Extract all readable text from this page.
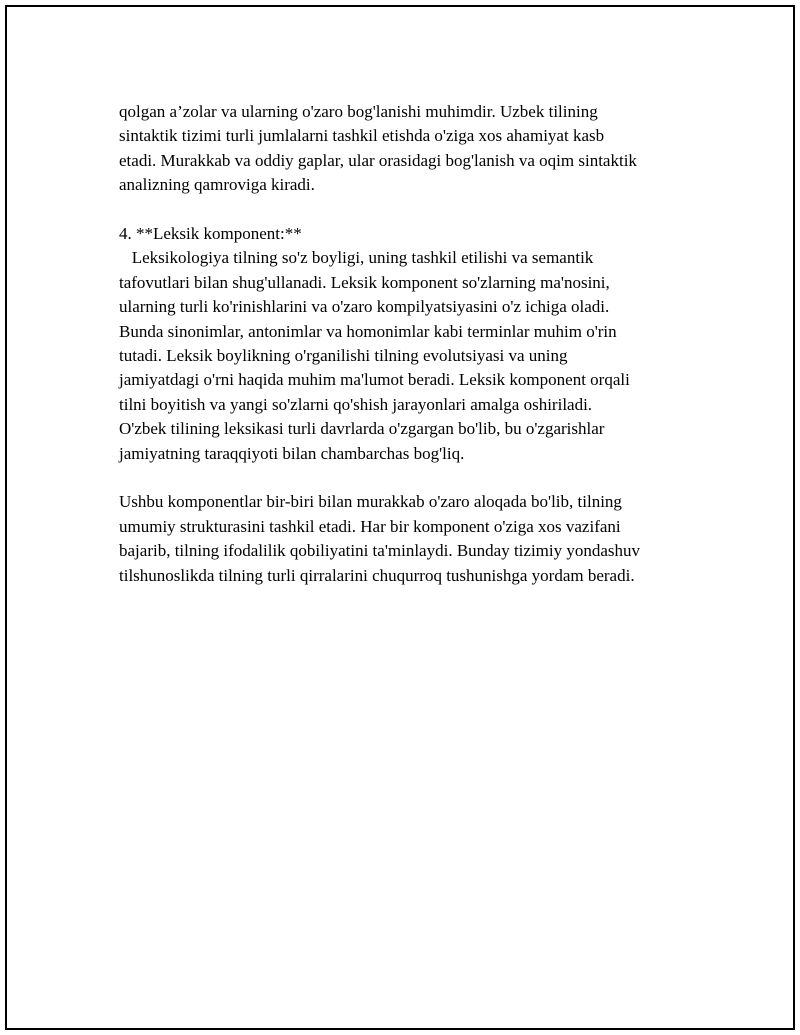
qolgan a’zolar va ularning o'zaro bog'lanishi muhimdir. Uzbek tilining
sintaktik tizimi turli jumlalarni tashkil etishda o'ziga xos ahamiyat kasb
etadi. Murakkab va oddiy gaplar, ular orasidagi bog'lanish va oqim sintaktik
analizning qamroviga kiradi.

4. **Leksik komponent:**

Leksikologiya tilning so'z boyligi, uning tashkil etilishi va semantik
tafovutlari bilan shug'ullanadi. Leksik komponent so'zlarning ma'nosini,
ularning turli ko'rinishlarini va o'zaro kompilyatsiyasini o'z ichiga oladi.
Bunda sinonimlar, antonimlar va homonimlar kabi terminlar muhim o'rin
tutadi. Leksik boylikning o'rganilishi tilning evolutsiyasi va uning
jamiyatdagi o'rni haqida muhim ma'lumot beradi. Leksik komponent orqali
tilni boyitish va yangi so'zlarni qo'shish jarayonlari amalga oshiriladi.
O'zbek tilining leksikasi turli davrlarda o'zgargan bo'lib, bu o'zgarishlar
jamiyatning taraqqiyoti bilan chambarchas bog'liq.

Ushbu komponentlar bir-biri bilan murakkab o'zaro aloqada bo'lib, tilning
umumiy strukturasini tashkil etadi. Har bir komponent o'ziga xos vazifani
bajarib, tilning ifodalilik qobiliyatini ta'minlaydi. Bunday tizimiy yondashuv
tilshunoslikda tilning turli qirralarini chuqurroq tushunishga yordam beradi.
